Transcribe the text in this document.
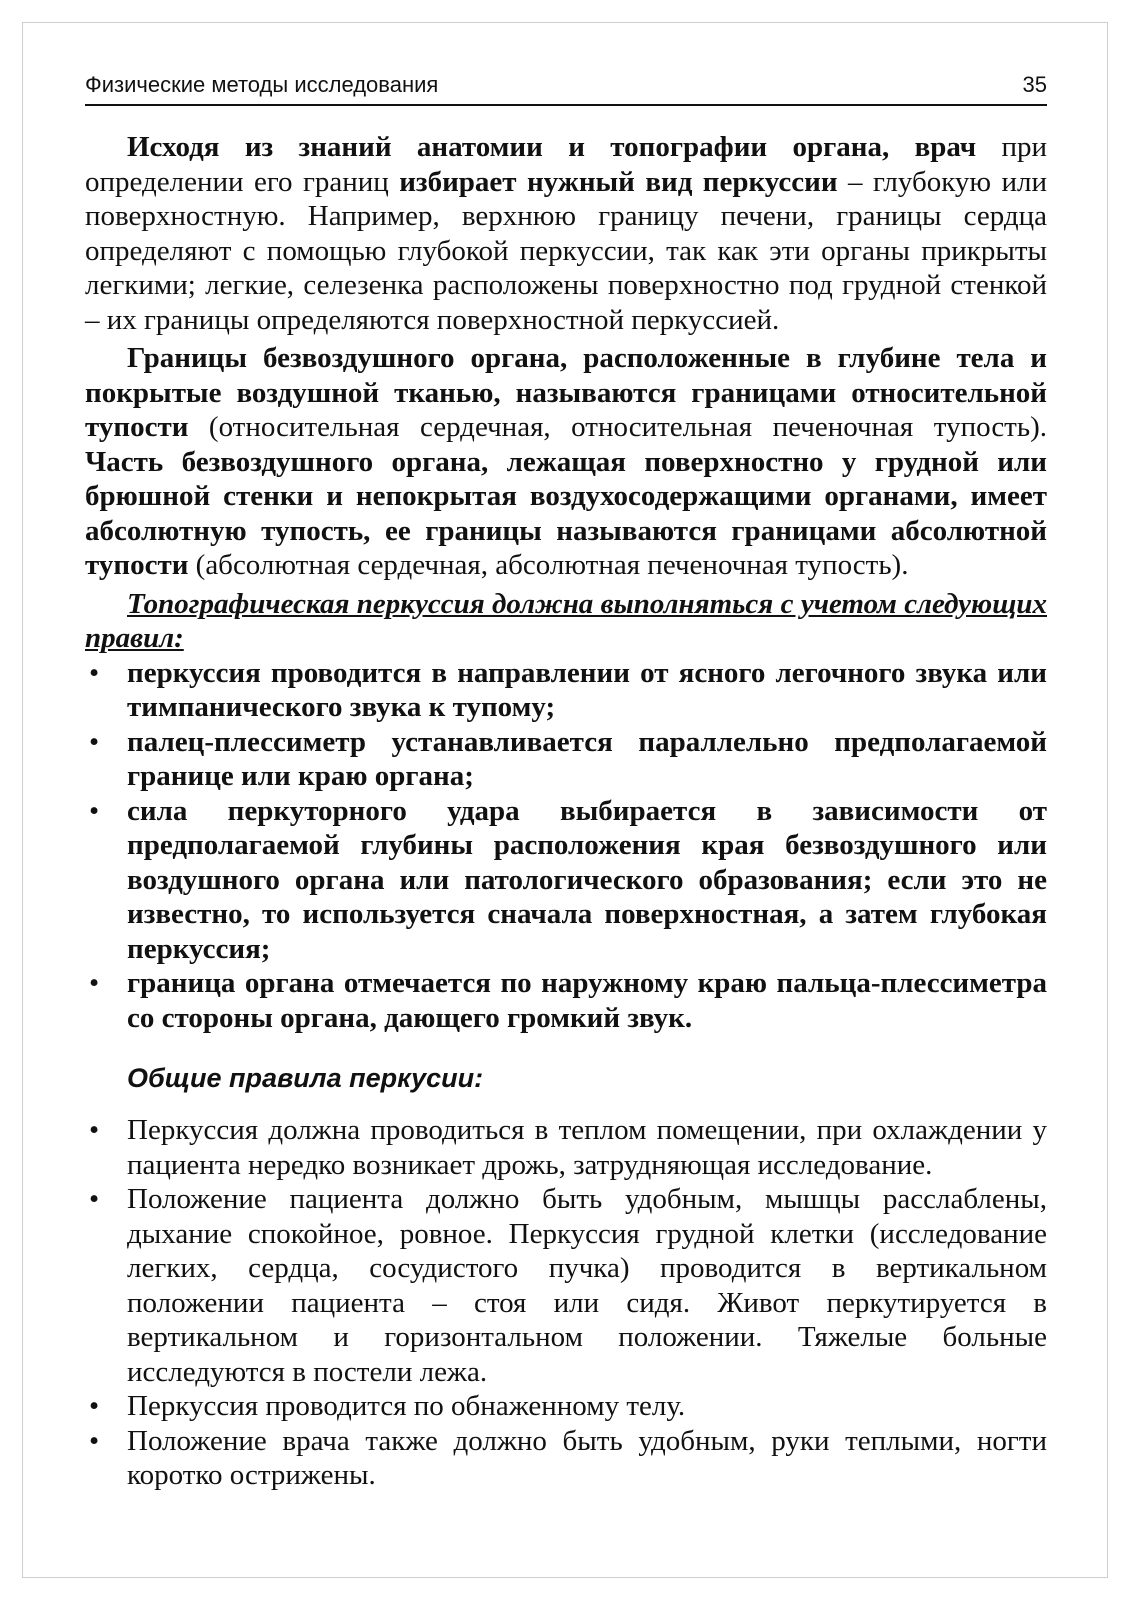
Физические методы исследования	35

Исходя из знаний анатомии и топографии органа, врач при определении его границ избирает нужный вид перкуссии – глубокую или поверхностную. Например, верхнюю границу печени, границы сердца определяют с помощью глубокой перкуссии, так как эти органы прикрыты легкими; легкие, селезенка расположены поверхностно под грудной стенкой – их границы определяются поверхностной перкуссией.

Границы безвоздушного органа, расположенные в глубине тела и покрытые воздушной тканью, называются границами относительной тупости (относительная сердечная, относительная печеночная тупость). Часть безвоздушного органа, лежащая поверхностно у грудной или брюшной стенки и непокрытая воздухосодержащими органами, имеет абсолютную тупость, ее границы называются границами абсолютной тупости (абсолютная сердечная, абсолютная печеночная тупость).

Топографическая перкуссия должна выполняться с учетом следующих правил:

• перкуссия проводится в направлении от ясного легочного звука или тимпанического звука к тупому;
• палец-плессиметр устанавливается параллельно предполагаемой границе или краю органа;
• сила перкуторного удара выбирается в зависимости от предполагаемой глубины расположения края безвоздушного или воздушного органа или патологического образования; если это не известно, то используется сначала поверхностная, а затем глубокая перкуссия;
• граница органа отмечается по наружному краю пальца-плессиметра со стороны органа, дающего громкий звук.
Общие правила перкусии:
• Перкуссия должна проводиться в теплом помещении, при охлаждении у пациента нередко возникает дрожь, затрудняющая исследование.
• Положение пациента должно быть удобным, мышцы расслаблены, дыхание спокойное, ровное. Перкуссия грудной клетки (исследование легких, сердца, сосудистого пучка) проводится в вертикальном положении пациента – стоя или сидя. Живот перкутируется в вертикальном и горизонтальном положении. Тяжелые больные исследуются в постели лежа.
• Перкуссия проводится по обнаженному телу.
• Положение врача также должно быть удобным, руки теплыми, ногти коротко острижены.
